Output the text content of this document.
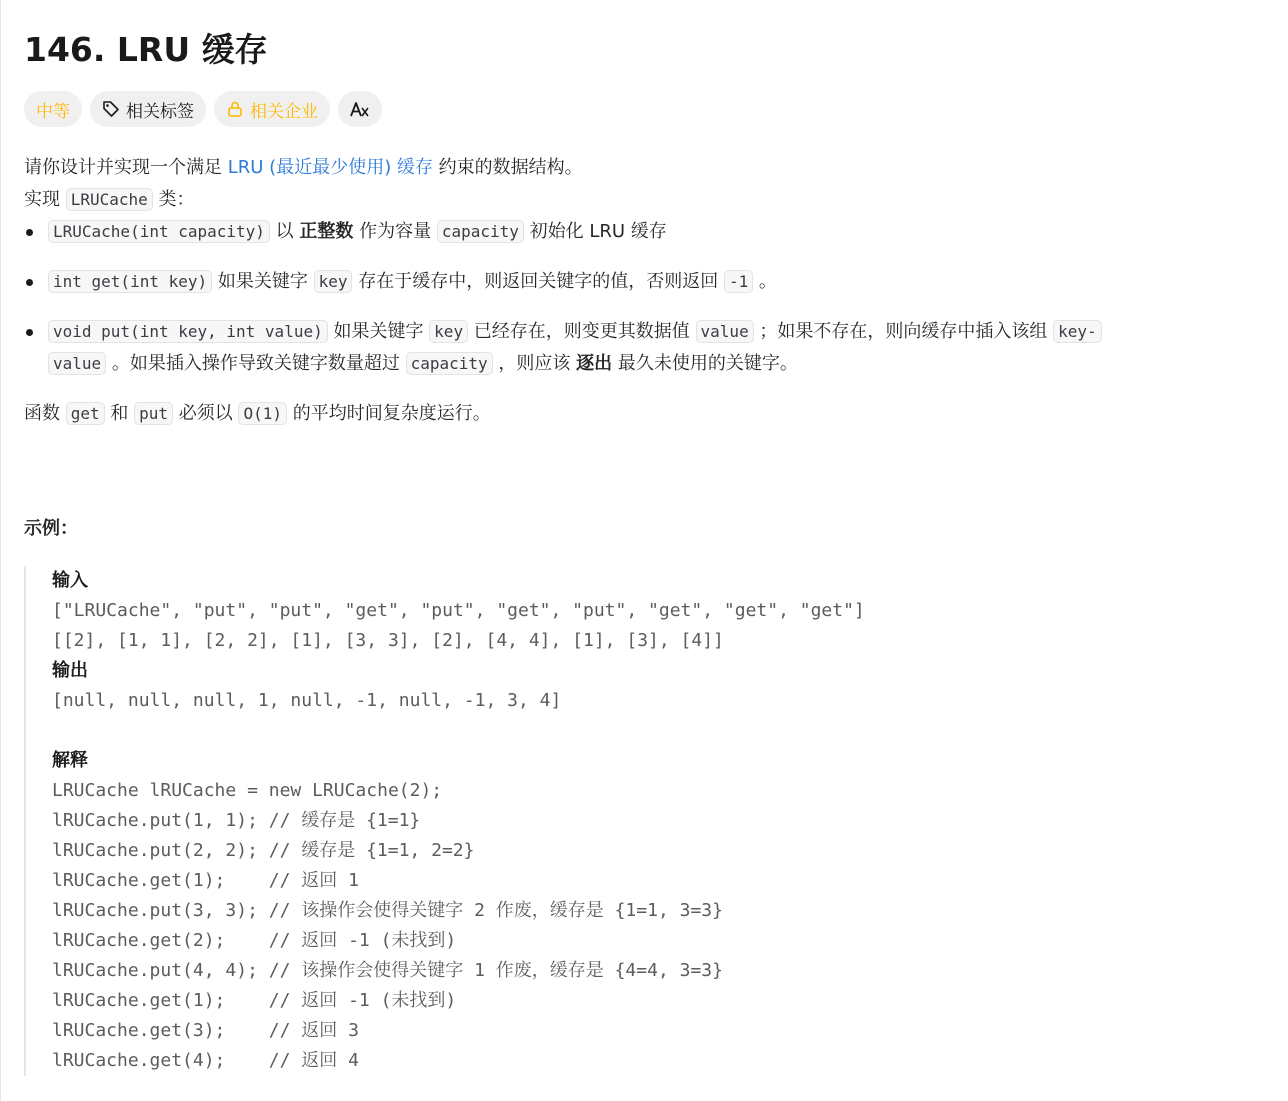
146. LRU 缓存
中等	相关标签	相关企业

请你设计并实现一个满足 LRU (最近最少使用) 缓存 约束的数据结构。

实现 LRUCache 类：

LRUCache(int capacity) 以 正整数 作为容量 capacity 初始化 LRU 缓存
int get(int key) 如果关键字 key 存在于缓存中，则返回关键字的值，否则返回 -1 。
void put(int key, int value) 如果关键字 key 已经存在，则变更其数据值 value ；如果不存在，则向缓存中插入该组 key-
value 。如果插入操作导致关键字数量超过 capacity ，则应该 逐出 最久未使用的关键字。

函数 get 和 put 必须以 O(1) 的平均时间复杂度运行。

示例：

输入
["LRUCache", "put", "put", "get", "put", "get", "put", "get", "get", "get"]
[[2], [1, 1], [2, 2], [1], [3, 3], [2], [4, 4], [1], [3], [4]]
输出
[null, null, null, 1, null, -1, null, -1, 3, 4]
解释
LRUCache lRUCache = new LRUCache(2);
lRUCache.put(1, 1); // 缓存是 {1=1}
lRUCache.put(2, 2); // 缓存是 {1=1, 2=2}
lRUCache.get(1);    // 返回 1
lRUCache.put(3, 3); // 该操作会使得关键字 2 作废，缓存是 {1=1, 3=3}
lRUCache.get(2);    // 返回 -1 (未找到)
lRUCache.put(4, 4); // 该操作会使得关键字 1 作废，缓存是 {4=4, 3=3}
lRUCache.get(1);    // 返回 -1 (未找到)
lRUCache.get(3);    // 返回 3
lRUCache.get(4);    // 返回 4
